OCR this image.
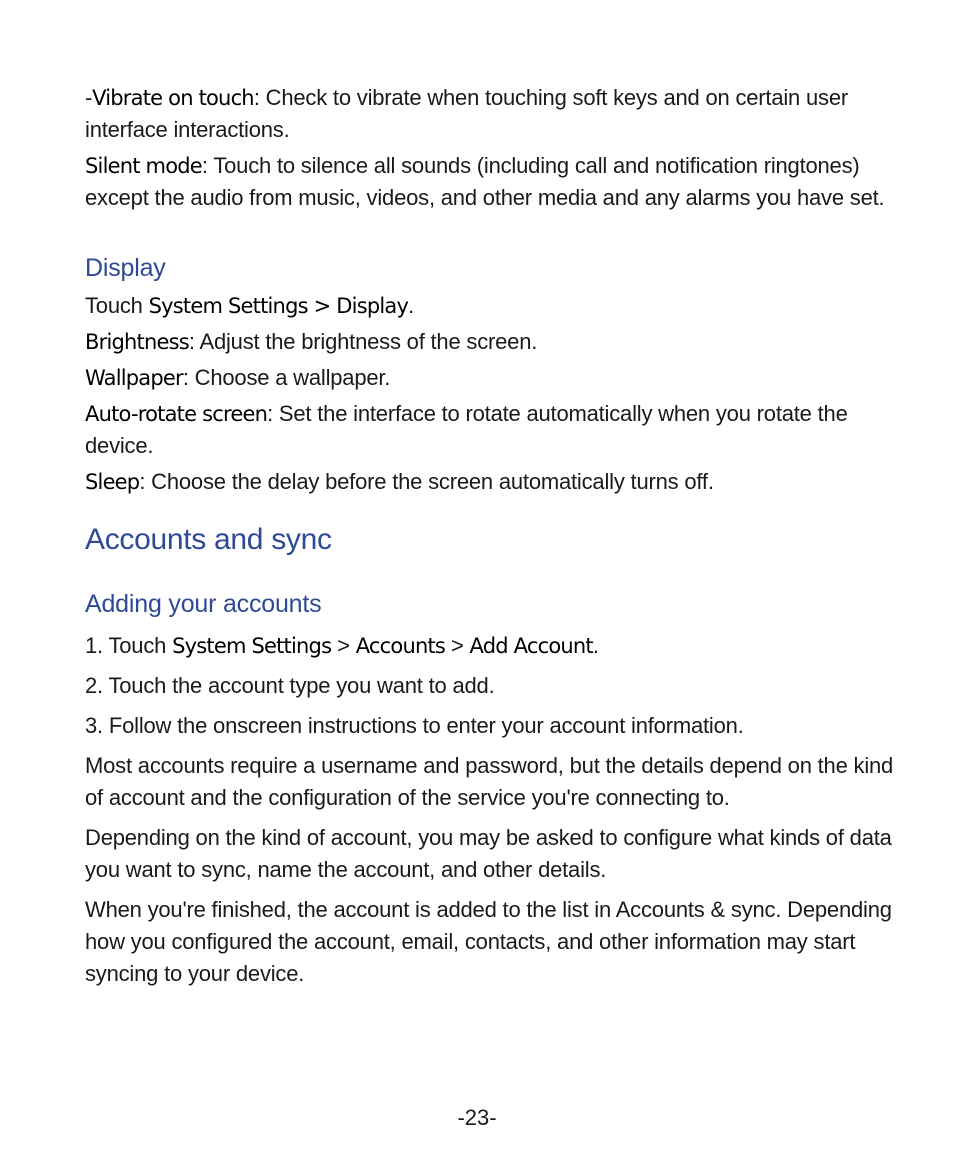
-Vibrate on touch: Check to vibrate when touching soft keys and on certain user interface interactions.

Silent mode: Touch to silence all sounds (including call and notification ringtones) except the audio from music, videos, and other media and any alarms you have set.

Display

Touch System Settings > Display.

Brightness: Adjust the brightness of the screen.

Wallpaper: Choose a wallpaper.

Auto-rotate screen: Set the interface to rotate automatically when you rotate the device.

Sleep: Choose the delay before the screen automatically turns off.

Accounts and sync
Adding your accounts

1. Touch System Settings > Accounts > Add Account.

2. Touch the account type you want to add.

3. Follow the onscreen instructions to enter your account information.

Most accounts require a username and password, but the details depend on the kind of account and the configuration of the service you're connecting to.

Depending on the kind of account, you may be asked to configure what kinds of data you want to sync, name the account, and other details.

When you're finished, the account is added to the list in Accounts & sync. Depending how you configured the account, email, contacts, and other information may start syncing to your device.

-23-
